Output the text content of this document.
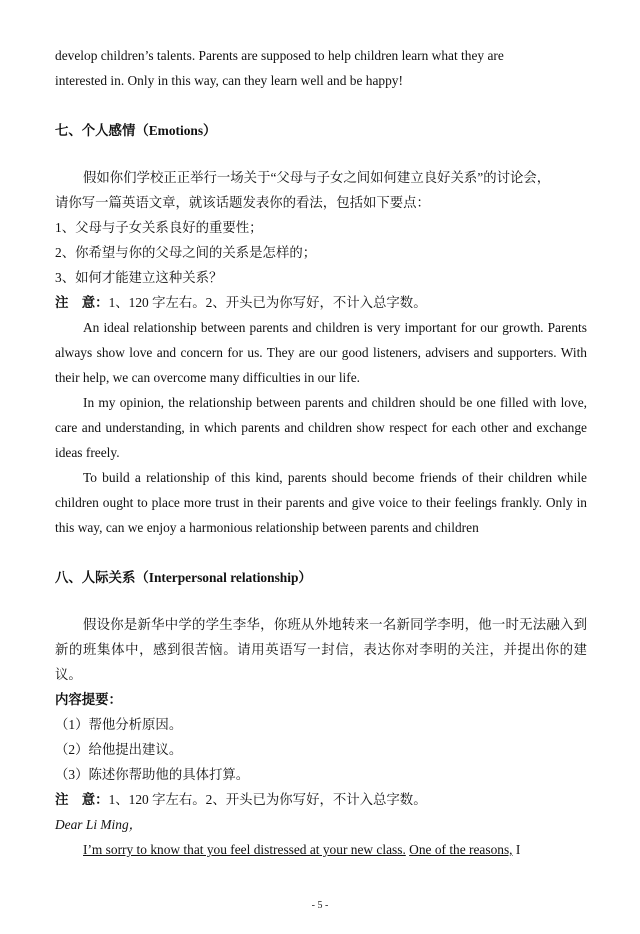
develop children’s talents. Parents are supposed to help children learn what they are
interested in. Only in this way, can they learn well and be happy!

七、个人感情（Emotions）

假如你们学校正正举行一场关于“父母与子女之间如何建立良好关系”的讨论会，
请你写一篇英语文章，就该话题发表你的看法，包括如下要点：

1、父母与子女关系良好的重要性；

2、你希望与你的父母之间的关系是怎样的；

3、如何才能建立这种关系？

注　意：1、120 字左右。2、开头已为你写好，不计入总字数。

An ideal relationship between parents and children is very important for our growth. Parents always show love and concern for us. They are our good listeners, advisers and supporters. With their help, we can overcome many difficulties in our life.

In my opinion, the relationship between parents and children should be one filled with love, care and understanding, in which parents and children show respect for each other and exchange ideas freely.

To build a relationship of this kind, parents should become friends of their children while children ought to place more trust in their parents and give voice to their feelings frankly. Only in this way, can we enjoy a harmonious relationship between parents and children

八、人际关系（Interpersonal relationship）

假设你是新华中学的学生李华，你班从外地转来一名新同学李明，他一时无法融入到新的班集体中，感到很苦恼。请用英语写一封信，表达你对李明的关注，并提出你的建议。

内容提要：

（1）帮他分析原因。

（2）给他提出建议。

（3）陈述你帮助他的具体打算。

注　意：1、120 字左右。2、开头已为你写好，不计入总字数。

Dear Li Ming，

I’m sorry to know that you feel distressed at your new class. One of the reasons, I

- 5 -
